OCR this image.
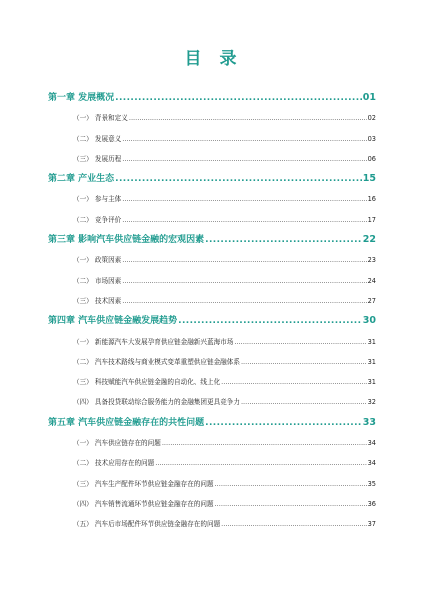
目 录
第一章 发展概况 .....	01
（一） 背景和定义 .....	02
（二） 发展意义 .....	03
（三） 发展历程 .....	06
第二章 产业生态 .....	15
（一） 参与主体 .....	16
（二） 竞争评价 .....	17
第三章 影响汽车供应链金融的宏观因素 .....	22
（一） 政策因素 .....	23
（二） 市场因素 .....	24
（三） 技术因素 .....	27
第四章 汽车供应链金融发展趋势 .....	30
（一） 新能源汽车大发展孕育供应链金融新兴蓝海市场 .....	31
（二） 汽车技术路线与商业模式变革重塑供应链金融体系 .....	31
（三） 科技赋能汽车供应链金融的自动化、线上化 .....	31
（四） 具备投贷联动综合服务能力的金融集团更具竞争力 .....	32
第五章 汽车供应链金融存在的共性问题 .....	33
（一） 汽车供应链存在的问题 .....	34
（二） 技术应用存在的问题 .....	34
（三） 汽车生产配件环节供应链金融存在的问题 .....	35
（四） 汽车销售流通环节供应链金融存在的问题 .....	36
（五） 汽车后市场配件环节供应链金融存在的问题 .....	37
